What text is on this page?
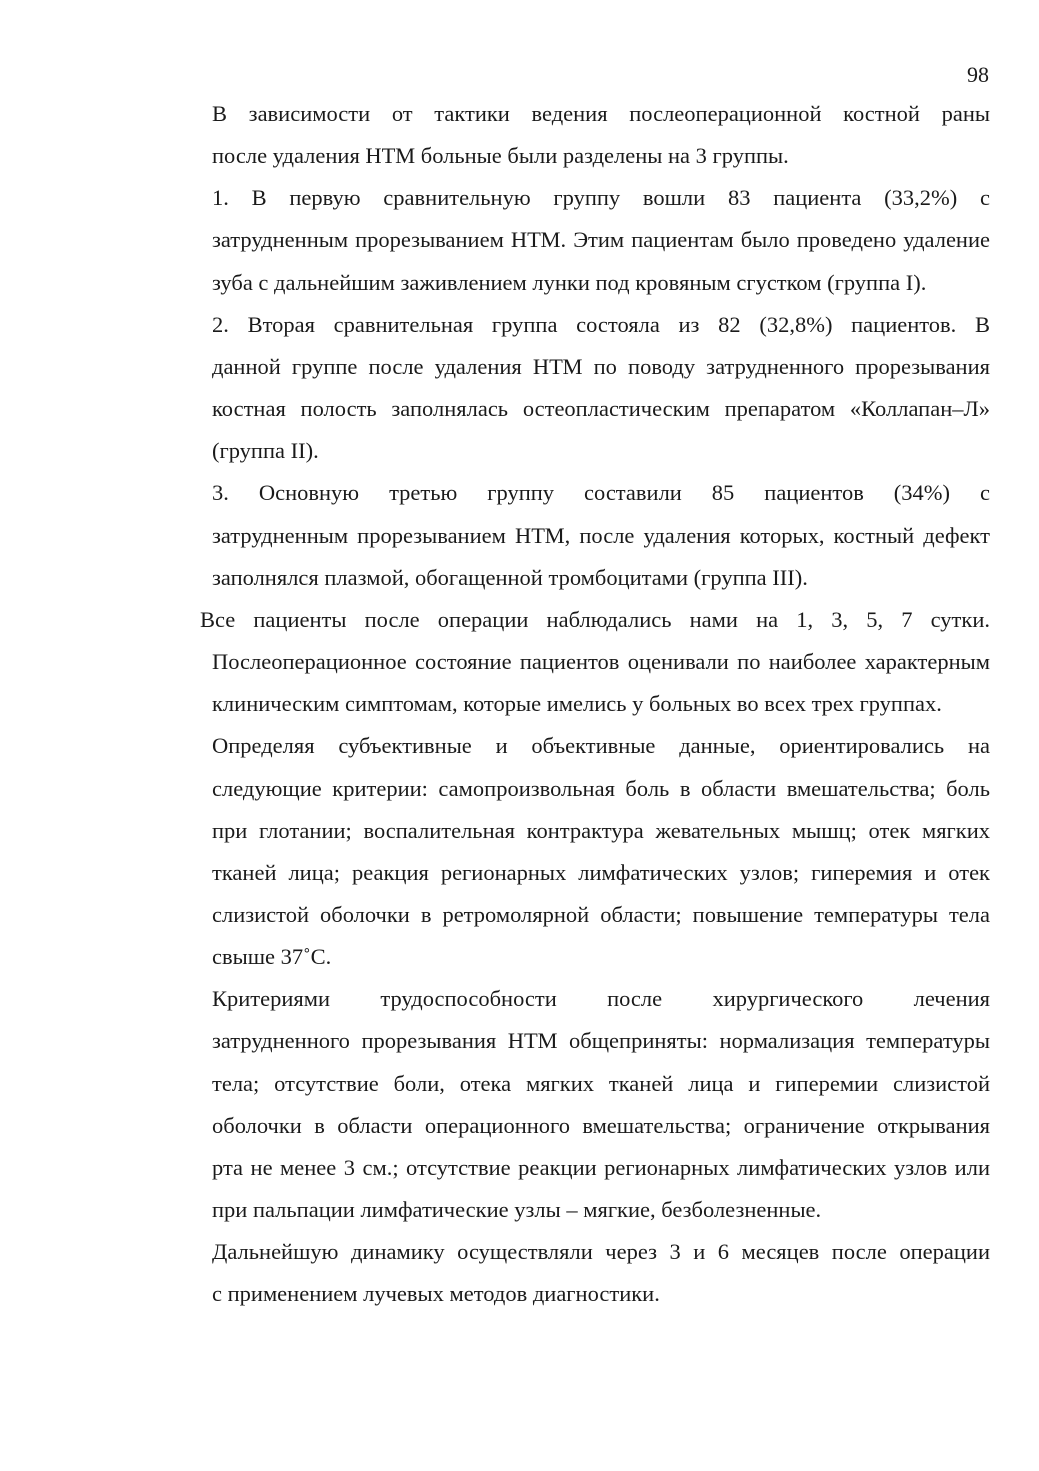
98

В зависимости от тактики ведения послеоперационной костной раны
после удаления НТМ больные были разделены на 3 группы.

1. В первую сравнительную группу вошли 83 пациента (33,2%) с
затрудненным прорезыванием НТМ. Этим пациентам было проведено удаление
зуба с дальнейшим заживлением лунки под кровяным сгустком (группа I).

2. Вторая сравнительная группа состояла из 82 (32,8%) пациентов. В
данной группе после удаления НТМ по поводу затрудненного прорезывания
костная полость заполнялась остеопластическим препаратом «Коллапан–Л»
(группа II).

3. Основную третью группу составили 85 пациентов (34%) с
затрудненным прорезыванием НТМ, после удаления которых, костный дефект
заполнялся плазмой, обогащенной тромбоцитами (группа III).

Все пациенты после операции наблюдались нами на 1, 3, 5, 7 сутки.
Послеоперационное состояние пациентов оценивали по наиболее характерным
клиническим симптомам, которые имелись у больных во всех трех группах.

Определяя субъективные и объективные данные, ориентировались на
следующие критерии: самопроизвольная боль в области вмешательства; боль
при глотании; воспалительная контрактура жевательных мышц; отек мягких
тканей лица; реакция регионарных лимфатических узлов; гиперемия и отек
слизистой оболочки в ретромолярной области; повышение температуры тела
свыше 37˚С.

Критериями трудоспособности после хирургического лечения
затрудненного прорезывания НТМ общеприняты: нормализация температуры
тела; отсутствие боли, отека мягких тканей лица и гиперемии слизистой
оболочки в области операционного вмешательства; ограничение открывания
рта не менее 3 см.; отсутствие реакции регионарных лимфатических узлов или
при пальпации лимфатические узлы – мягкие, безболезненные.

Дальнейшую динамику осуществляли через 3 и 6 месяцев после операции
с применением лучевых методов диагностики.
